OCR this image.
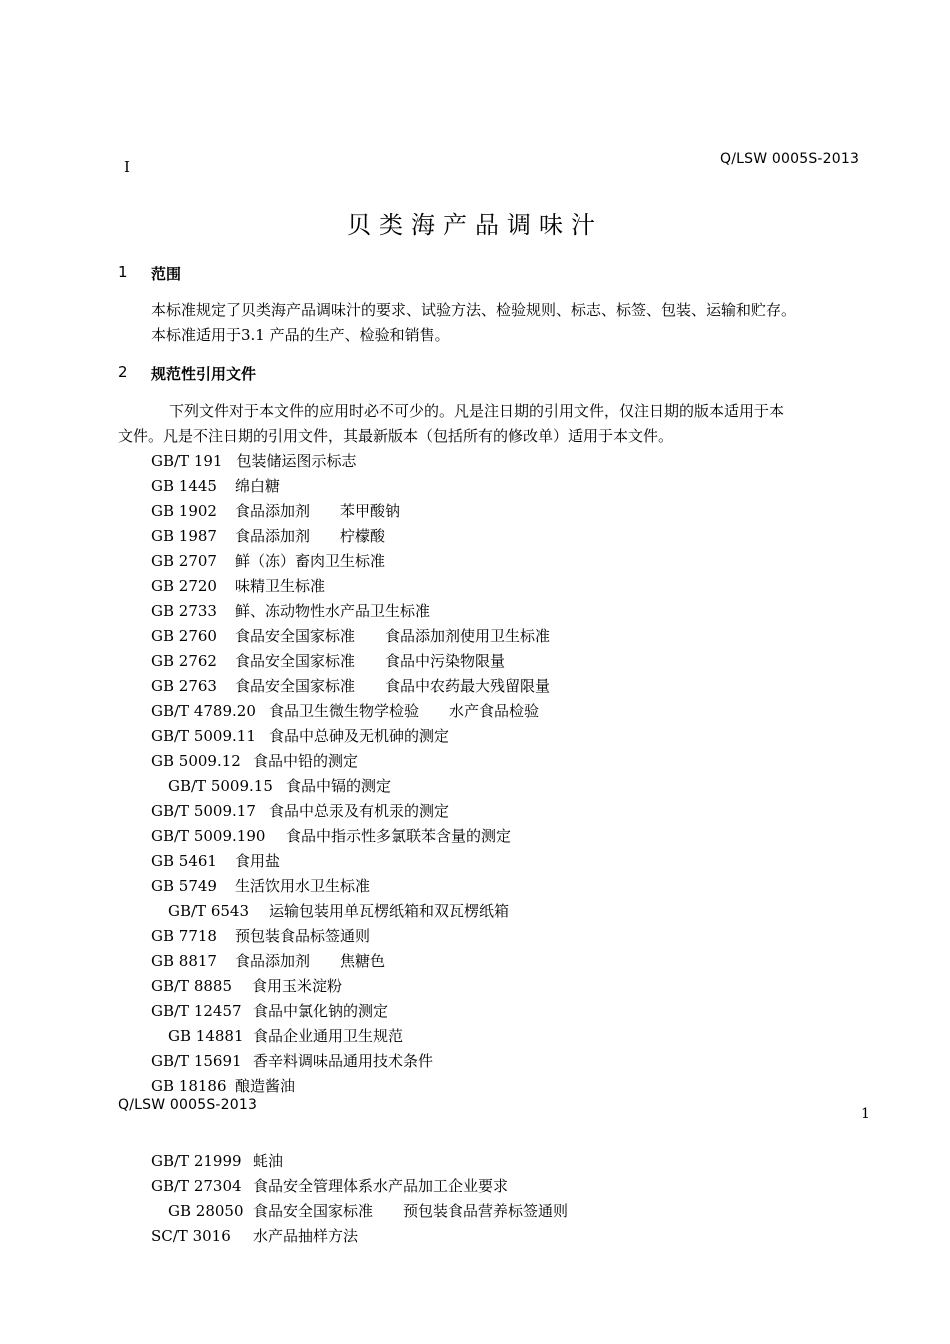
I	Q/LSW 0005S-2013
贝类海产品调味汁
1 范围
本标准规定了贝类海产品调味汁的要求、试验方法、检验规则、标志、标签、包装、运输和贮存。
本标准适用于3.1 产品的生产、检验和销售。
2 规范性引用文件
下列文件对于本文件的应用时必不可少的。凡是注日期的引用文件，仅注日期的版本适用于本
文件。凡是不注日期的引用文件，其最新版本（包括所有的修改单）适用于本文件。
GB/T 191 包装储运图示标志
GB 1445 绵白糖
GB 1902 食品添加剂　　苯甲酸钠
GB 1987 食品添加剂　　柠檬酸
GB 2707 鲜（冻）畜肉卫生标准
GB 2720 味精卫生标准
GB 2733 鲜、冻动物性水产品卫生标准
GB 2760 食品安全国家标准　　食品添加剂使用卫生标准
GB 2762 食品安全国家标准　　食品中污染物限量
GB 2763 食品安全国家标准　　食品中农药最大残留限量
GB/T 4789.20 食品卫生微生物学检验　　水产食品检验
GB/T 5009.11 食品中总砷及无机砷的测定
GB 5009.12 食品中铅的测定
GB/T 5009.15 食品中镉的测定
GB/T 5009.17 食品中总汞及有机汞的测定
GB/T 5009.190 食品中指示性多氯联苯含量的测定
GB 5461 食用盐
GB 5749 生活饮用水卫生标准
GB/T 6543 运输包装用单瓦楞纸箱和双瓦楞纸箱
GB 7718 预包装食品标签通则
GB 8817 食品添加剂　　焦糖色
GB/T 8885 食用玉米淀粉
GB/T 12457 食品中氯化钠的测定
GB 14881 食品企业通用卫生规范
GB/T 15691 香辛料调味品通用技术条件
GB 18186 酿造酱油
GB/T 21999 蚝油
GB/T 27304 食品安全管理体系水产品加工企业要求
GB 28050 食品安全国家标准　　预包装食品营养标签通则
SC/T 3016 水产品抽样方法
Q/LSW 0005S-2013
1
